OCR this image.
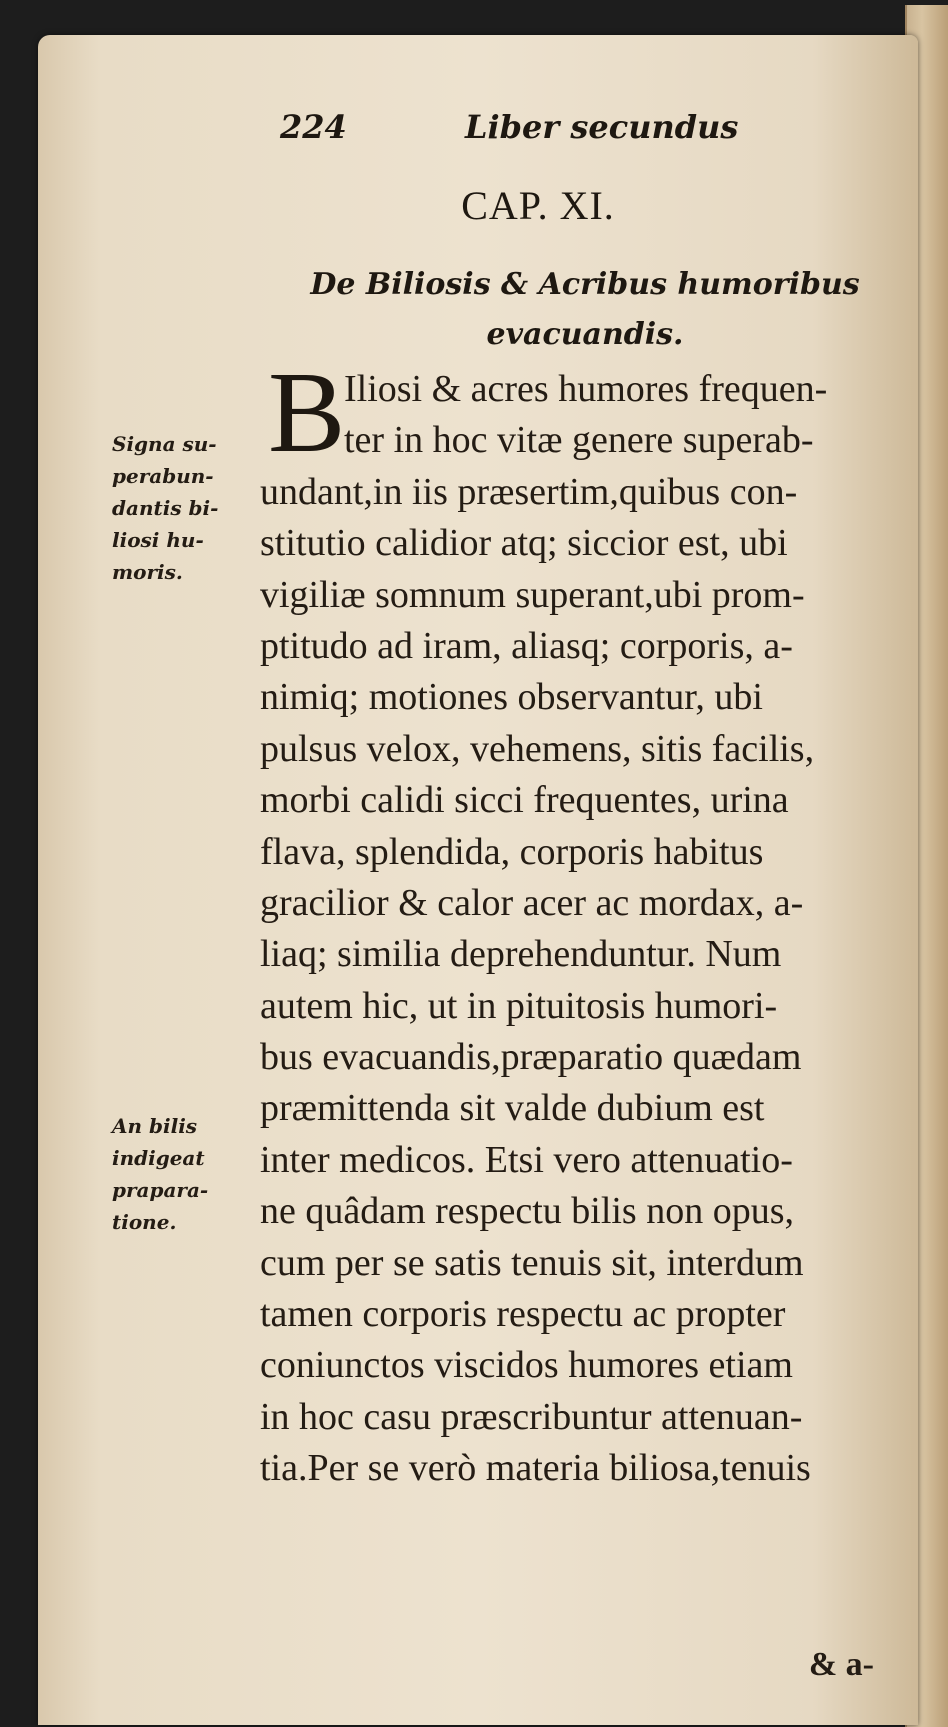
224	Liber secundus
CAP. XI.
De Biliosis & Acribus humoribus
evacuandis.
B
Iliosi & acres humores frequen-
ter in hoc vitæ genere superab-
undant,in iis præsertim,quibus con-
stitutio calidior atq; siccior est, ubi
vigiliæ somnum superant,ubi prom-
ptitudo ad iram, aliasq; corporis, a-
nimiq; motiones observantur, ubi
pulsus velox, vehemens, sitis facilis,
morbi calidi sicci frequentes, urina
flava, splendida, corporis habitus
gracilior & calor acer ac mordax, a-
liaq; similia deprehenduntur. Num
autem hic, ut in pituitosis humori-
bus evacuandis,præparatio quædam
præmittenda sit valde dubium est
inter medicos. Etsi vero attenuatio-
ne quâdam respectu bilis non opus,
cum per se satis tenuis sit, interdum
tamen corporis respectu ac propter
coniunctos viscidos humores etiam
in hoc casu præscribuntur attenuan-
tia.Per se verò materia biliosa,tenuis
& a-
Signa su-
perabun-
dantis bi-
liosi hu-
moris.
An bilis
indigeat
prapara-
tione.
